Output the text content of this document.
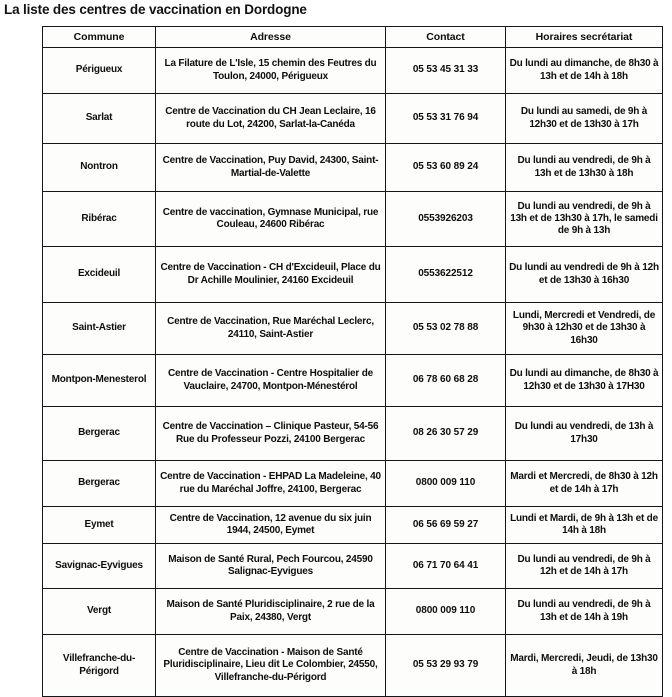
La liste des centres de vaccination en Dordogne
Commune	Adresse	Contact	Horaires secrétariat
Périgueux	La Filature de L'Isle, 15 chemin des Feutres du Toulon, 24000, Périgueux	05 53 45 31 33	Du lundi au dimanche, de 8h30 à 13h et de 14h à 18h
Sarlat	Centre de Vaccination du CH Jean Leclaire, 16 route du Lot, 24200, Sarlat-la-Canéda	05 53 31 76 94	Du lundi au samedi, de 9h à 12h30 et de 13h30 à 17h
Nontron	Centre de Vaccination, Puy David, 24300, Saint-Martial-de-Valette	05 53 60 89 24	Du lundi au vendredi, de 9h à 13h et de 13h30 à 18h
Ribérac	Centre de vaccination, Gymnase Municipal, rue Couleau, 24600 Ribérac	0553926203	Du lundi au vendredi, de 9h à 13h et de 13h30 à 17h, le samedi de 9h à 13h
Excideuil	Centre de Vaccination - CH d'Excideuil, Place du Dr Achille Moulinier, 24160 Excideuil	0553622512	Du lundi au vendredi de 9h à 12h et de 13h30 à 16h30
Saint-Astier	Centre de Vaccination, Rue Maréchal Leclerc, 24110, Saint-Astier	05 53 02 78 88	Lundi, Mercredi et Vendredi, de 9h30 à 12h30 et de 13h30 à 16h30
Montpon-Menesterol	Centre de Vaccination - Centre Hospitalier de Vauclaire, 24700, Montpon-Ménestérol	06 78 60 68 28	Du lundi au dimanche, de 8h30 à 12h30 et de 13h30 à 17H30
Bergerac	Centre de Vaccination – Clinique Pasteur, 54-56 Rue du Professeur Pozzi, 24100 Bergerac	08 26 30 57 29	Du lundi au vendredi, de 13h à 17h30
Bergerac	Centre de Vaccination - EHPAD La Madeleine, 40 rue du Maréchal Joffre, 24100, Bergerac	0800 009 110	Mardi et Mercredi, de 8h30 à 12h et de 14h à 17h
Eymet	Centre de Vaccination, 12 avenue du six juin 1944, 24500, Eymet	06 56 69 59 27	Lundi et Mardi, de 9h à 13h et de 14h à 18h
Savignac-Eyvigues	Maison de Santé Rural, Pech Fourcou, 24590 Salignac-Eyvigues	06 71 70 64 41	Du lundi au vendredi, de 9h à 12h et de 14h à 17h
Vergt	Maison de Santé Pluridisciplinaire, 2 rue de la Paix, 24380, Vergt	0800 009 110	Du lundi au vendredi, de 9h à 13h et de 14h à 19h
Villefranche-du-Périgord	Centre de Vaccination - Maison de Santé Pluridisciplinaire, Lieu dit Le Colombier, 24550, Villefranche-du-Périgord	05 53 29 93 79	Mardi, Mercredi, Jeudi, de 13h30 à 18h
